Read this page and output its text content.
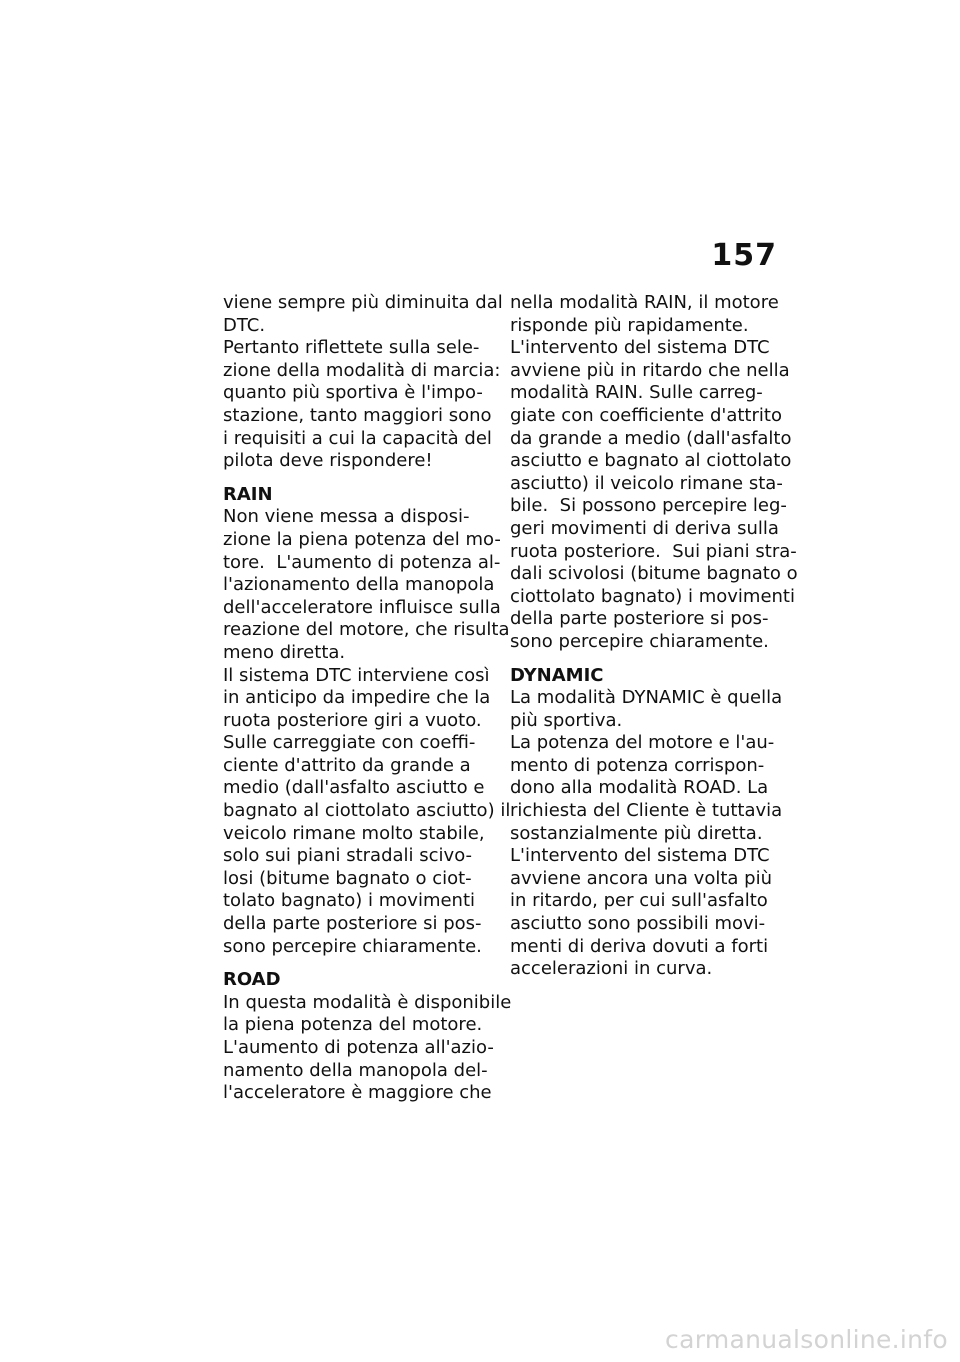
157
viene sempre più diminuita dal
DTC.
Pertanto riflettete sulla sele-
zione della modalità di marcia:
quanto più sportiva è l'impo-
stazione, tanto maggiori sono
i requisiti a cui la capacità del
pilota deve rispondere!
RAIN
Non viene messa a disposi-
zione la piena potenza del mo-
tore.  L'aumento di potenza al-
l'azionamento della manopola
dell'acceleratore influisce sulla
reazione del motore, che risulta
meno diretta.
Il sistema DTC interviene così
in anticipo da impedire che la
ruota posteriore giri a vuoto.
Sulle carreggiate con coeffi-
ciente d'attrito da grande a
medio (dall'asfalto asciutto e
bagnato al ciottolato asciutto) il
veicolo rimane molto stabile,
solo sui piani stradali scivo-
losi (bitume bagnato o ciot-
tolato bagnato) i movimenti
della parte posteriore si pos-
sono percepire chiaramente.
ROAD
In questa modalità è disponibile
la piena potenza del motore.
L'aumento di potenza all'azio-
namento della manopola del-
l'acceleratore è maggiore che
nella modalità RAIN, il motore
risponde più rapidamente.
L'intervento del sistema DTC
avviene più in ritardo che nella
modalità RAIN. Sulle carreg-
giate con coefficiente d'attrito
da grande a medio (dall'asfalto
asciutto e bagnato al ciottolato
asciutto) il veicolo rimane sta-
bile.  Si possono percepire leg-
geri movimenti di deriva sulla
ruota posteriore.  Sui piani stra-
dali scivolosi (bitume bagnato o
ciottolato bagnato) i movimenti
della parte posteriore si pos-
sono percepire chiaramente.
DYNAMIC
La modalità DYNAMIC è quella
più sportiva.
La potenza del motore e l'au-
mento di potenza corrispon-
dono alla modalità ROAD. La
richiesta del Cliente è tuttavia
sostanzialmente più diretta.
L'intervento del sistema DTC
avviene ancora una volta più
in ritardo, per cui sull'asfalto
asciutto sono possibili movi-
menti di deriva dovuti a forti
accelerazioni in curva.
carmanualsonline.info
